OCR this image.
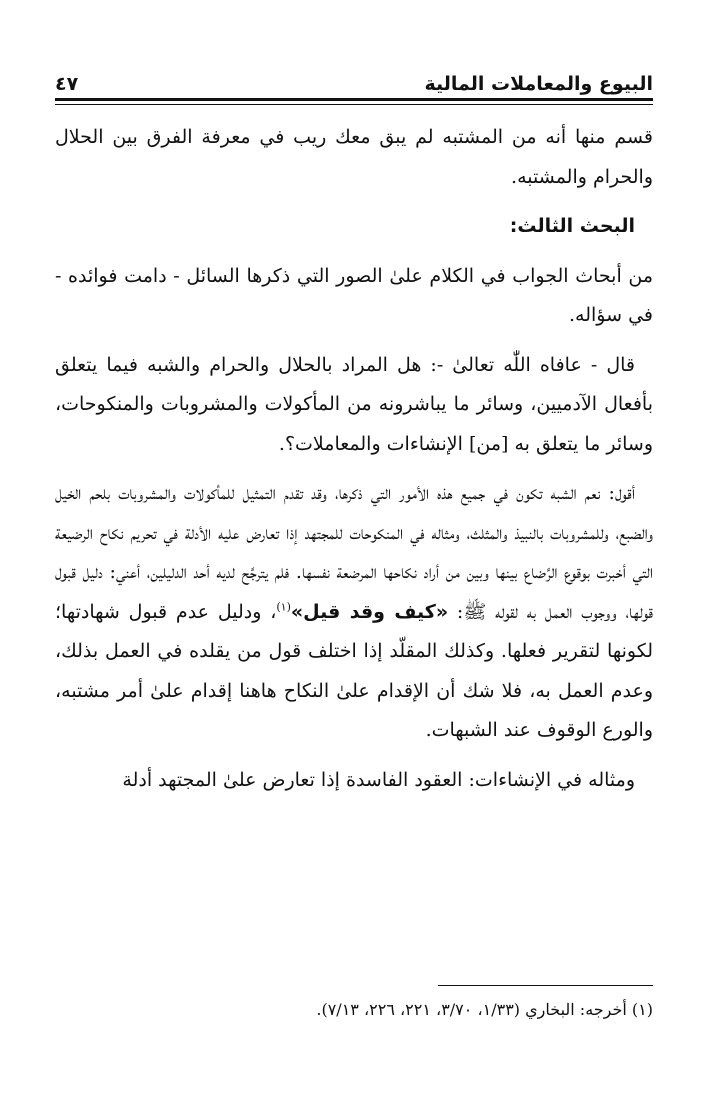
البيوع والمعاملات المالية
٤٧

قسم منها أنه من المشتبه لم يبق معك ريب في معرفة الفرق بين الحلال والحرام والمشتبه.

البحث الثالث:

من أبحاث الجواب في الكلام علىٰ الصور التي ذكرها السائل - دامت فوائده - في سؤاله.

قال - عافاه اللّٰه تعالىٰ -: هل المراد بالحلال والحرام والشبه فيما يتعلق بأفعال الآدميين، وسائر ما يباشرونه من المأكولات والمشروبات والمنكوحات، وسائر ما يتعلق به [من] الإنشاءات والمعاملات؟.

أقول: نعم الشبه تكون في جميع هذه الأمور التي ذكرها، وقد تقدم التمثيل للمأكولات والمشروبات بلحم الخيل والضبع، وللمشروبات بالنبيذ والمثلث، ومثاله في المنكوحات للمجتهد إذا تعارض عليه الأدلة في تحريم نكاح الرضيعة التي أخبرت بوقوع الرَّضاع بينها وبين من أراد نكاحها المرضعة نفسها. فلم يترجَّح لديه أحد الدليلين، أعني: دليل قبول قولها، ووجوب العمل به لقوله ﷺ: «كيف وقد قيل»$^{(١)}$، ودليل عدم قبول شهادتها؛ لكونها لتقرير فعلها. وكذلك المقلّد إذا اختلف قول من يقلده في العمل بذلك، وعدم العمل به، فلا شك أن الإقدام علىٰ النكاح هاهنا إقدام علىٰ أمر مشتبه، والورع الوقوف عند الشبهات.

ومثاله في الإنشاءات: العقود الفاسدة إذا تعارض علىٰ المجتهد أدلة

(١) أخرجه: البخاري (١/٣٣، ٣/٧٠، ٢٢١، ٢٢٦، ٧/١٣).
